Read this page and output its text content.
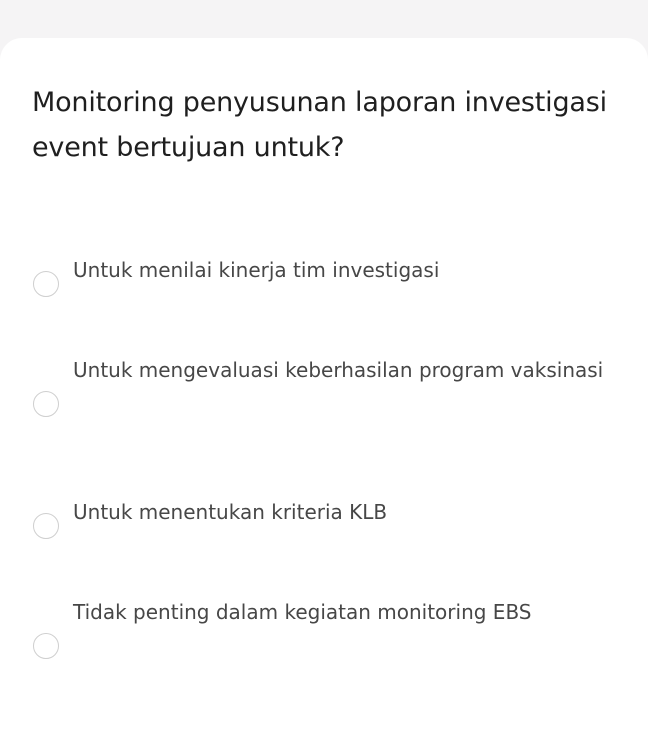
Monitoring penyusunan laporan investigasi event bertujuan untuk?
Untuk menilai kinerja tim investigasi
Untuk mengevaluasi keberhasilan program vaksinasi
Untuk menentukan kriteria KLB
Tidak penting dalam kegiatan monitoring EBS
